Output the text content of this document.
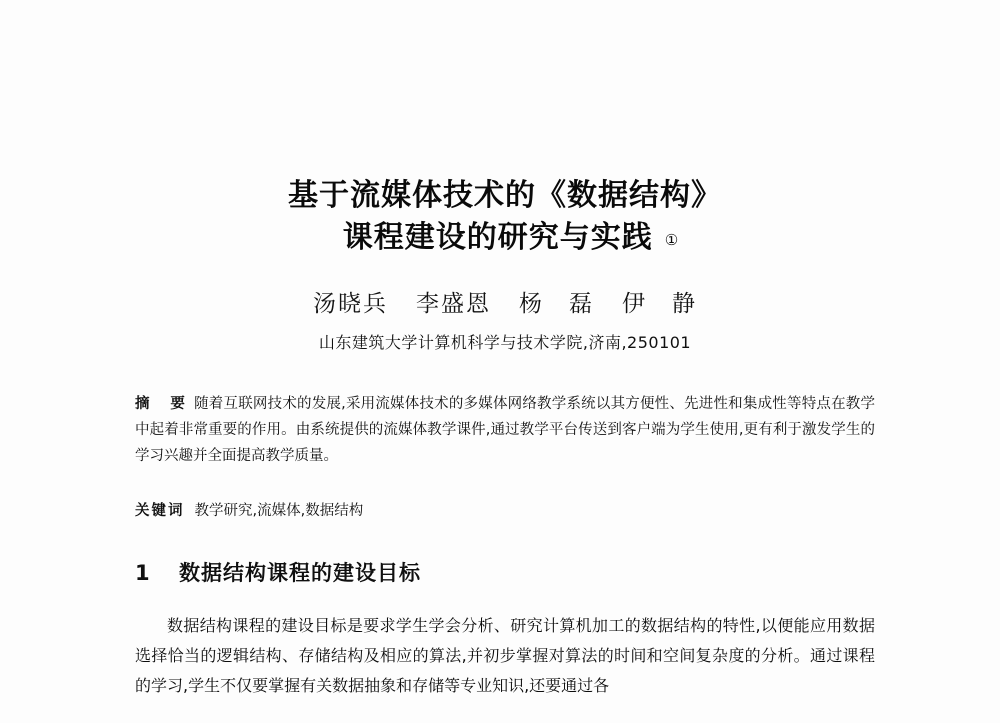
基于流媒体技术的《数据结构》
课程建设的研究与实践 ①
汤晓兵 李盛恩 杨　磊 伊　静
山东建筑大学计算机科学与技术学院,济南,250101
摘　要 随着互联网技术的发展,采用流媒体技术的多媒体网络教学系统以其方便性、先进性和集成性等特点在教学中起着非常重要的作用。由系统提供的流媒体教学课件,通过教学平台传送到客户端为学生使用,更有利于激发学生的学习兴趣并全面提高教学质量。
关键词 教学研究,流媒体,数据结构
1	数据结构课程的建设目标
数据结构课程的建设目标是要求学生学会分析、研究计算机加工的数据结构的特性,以便能应用数据选择恰当的逻辑结构、存储结构及相应的算法,并初步掌握对算法的时间和空间复杂度的分析。通过课程的学习,学生不仅要掌握有关数据抽象和存储等专业知识,还要通过各
